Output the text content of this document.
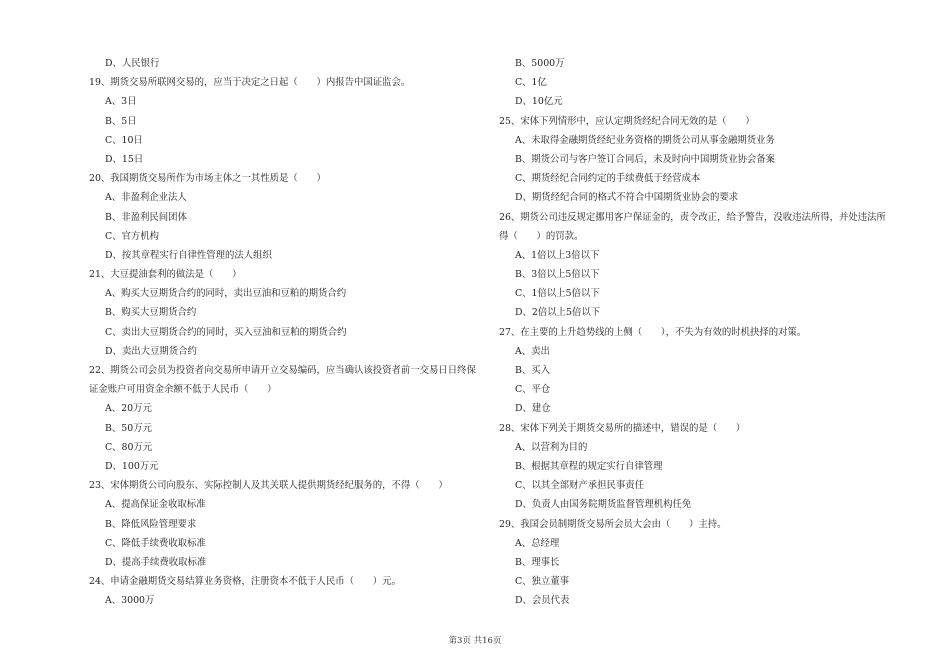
D、人民银行
19、期货交易所联网交易的，应当于决定之日起（　　）内报告中国证监会。
A、3日
B、5日
C、10日
D、15日
20、我国期货交易所作为市场主体之一其性质是（　　）
A、非盈利企业法人
B、非盈利民间团体
C、官方机构
D、按其章程实行自律性管理的法人组织
21、大豆提油套利的做法是（　　）
A、购买大豆期货合约的同时，卖出豆油和豆粕的期货合约
B、购买大豆期货合约
C、卖出大豆期货合约的同时，买入豆油和豆粕的期货合约
D、卖出大豆期货合约
22、期货公司会员为投资者向交易所申请开立交易编码，应当确认该投资者前一交易日日终保
证金账户可用资金余额不低于人民币（　　）
A、20万元
B、50万元
C、80万元
D、100万元
23、宋体期货公司向股东、实际控制人及其关联人提供期货经纪服务的，不得（　　）
A、提高保证金收取标准
B、降低风险管理要求
C、降低手续费收取标准
D、提高手续费收取标准
24、申请金融期货交易结算业务资格，注册资本不低于人民币（　　）元。
A、3000万
B、5000万
C、1亿
D、10亿元
25、宋体下列情形中，应认定期货经纪合同无效的是（　　）
A、未取得金融期货经纪业务资格的期货公司从事金融期货业务
B、期货公司与客户签订合同后，未及时向中国期货业协会备案
C、期货经纪合同约定的手续费低于经营成本
D、期货经纪合同的格式不符合中国期货业协会的要求
26、期货公司违反规定挪用客户保证金的，责令改正，给予警告，没收违法所得，并处违法所
得（　　）的罚款。
A、1倍以上3倍以下
B、3倍以上5倍以下
C、1倍以上5倍以下
D、2倍以上5倍以下
27、在主要的上升趋势线的上侧（　　），不失为有效的时机抉择的对策。
A、卖出
B、买入
C、平仓
D、建仓
28、宋体下列关于期货交易所的描述中，错误的是（　　）
A、以营利为目的
B、根据其章程的规定实行自律管理
C、以其全部财产承担民事责任
D、负责人由国务院期货监督管理机构任免
29、我国会员制期货交易所会员大会由（　　）主持。
A、总经理
B、理事长
C、独立董事
D、会员代表
第3页 共16页
